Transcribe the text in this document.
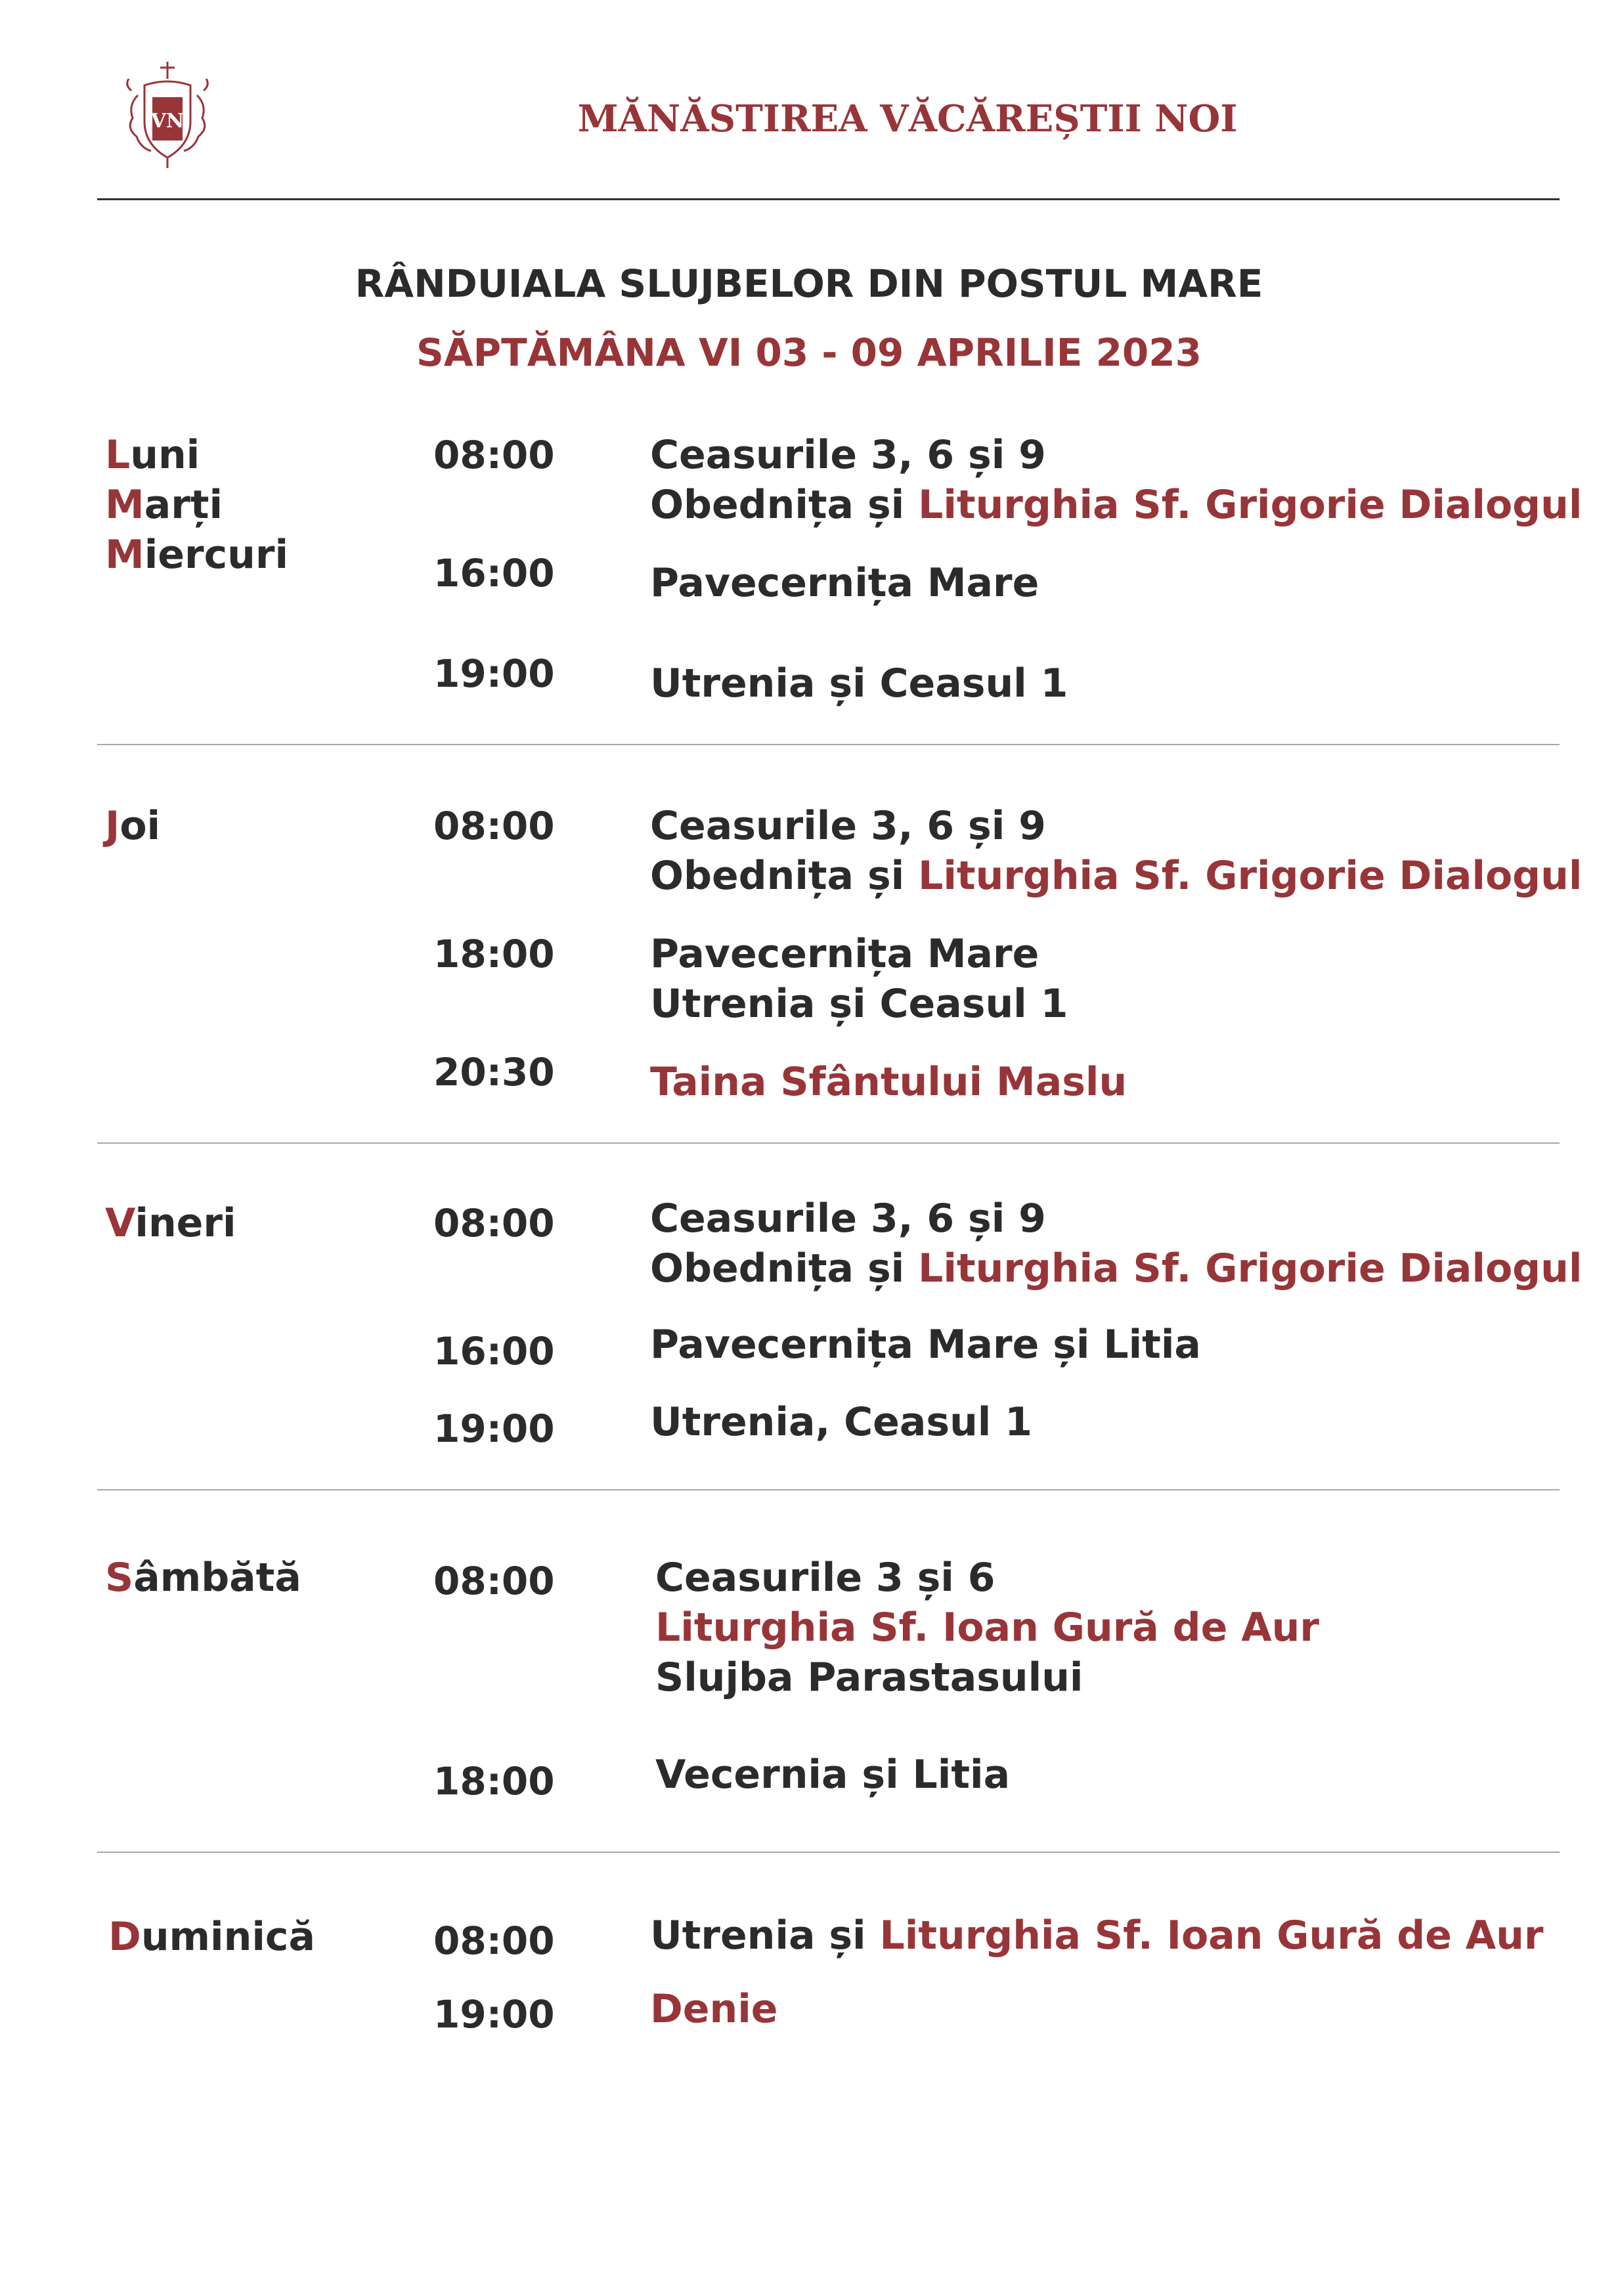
VN	MĂNĂSTIREA VĂCĂREȘTII NOI
RÂNDUIALA SLUJBELOR DIN POSTUL MARE
SĂPTĂMÂNA VI 03 - 09 APRILIE 2023
Luni
Marți
Miercuri
08:00 Ceasurile 3, 6 și 9
Obednița și Liturghia Sf. Grigorie Dialogul
16:00 Pavecernița Mare
19:00 Utrenia și Ceasul 1
Joi	08:00 Ceasurile 3, 6 și 9
Obednița și Liturghia Sf. Grigorie Dialogul
18:00 Pavecernița Mare
Utrenia și Ceasul 1
20:30 Taina Sfântului Maslu
Vineri	08:00 Ceasurile 3, 6 și 9
Obednița și Liturghia Sf. Grigorie Dialogul
16:00 Pavecernița Mare și Litia
19:00 Utrenia, Ceasul 1
Sâmbătă	08:00	Ceasurile 3 și 6
Liturghia Sf. Ioan Gură de Aur
Slujba Parastasului
18:00	Vecernia și Litia
Duminică	08:00 Utrenia și Liturghia Sf. Ioan Gură de Aur
19:00 Denie
